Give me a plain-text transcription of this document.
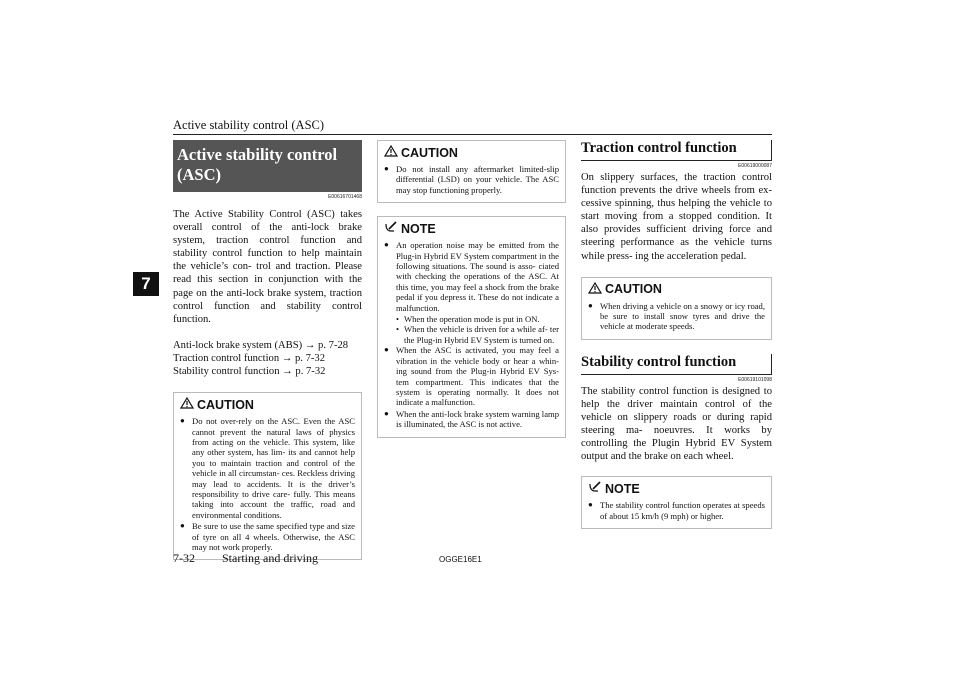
Active stability control (ASC)
7
Active stability control (ASC)
E00616701468
The Active Stability Control (ASC) takes overall control of the anti-lock brake system, traction control function and stability control function to help maintain the vehicle’s con- trol and traction. Please read this section in conjunction with the page on the anti-lock brake system, traction control function and stability control function.
Anti-lock brake system (ABS) → p. 7-28
Traction control function → p. 7-32
Stability control function → p. 7-32
CAUTION
● Do not over-rely on the ASC. Even the ASC cannot prevent the natural laws of physics from acting on the vehicle. This system, like any other system, has lim- its and cannot help you to maintain traction and control of the vehicle in all circumstan- ces. Reckless driving may lead to accidents. It is the driver’s responsibility to drive care- fully. This means taking into account the traffic, road and environmental conditions.
● Be sure to use the same specified type and size of tyre on all 4 wheels. Otherwise, the ASC may not work properly.
CAUTION
● Do not install any aftermarket limited-slip differential (LSD) on your vehicle. The ASC may stop functioning properly.
NOTE
● An operation noise may be emitted from the Plug-in Hybrid EV System compartment in the following situations. The sound is asso- ciated with checking the operations of the ASC. At this time, you may feel a shock from the brake pedal if you depress it. These do not indicate a malfunction.
• When the operation mode is put in ON.
• When the vehicle is driven for a while af- ter the Plug-in Hybrid EV System is turned on.
● When the ASC is activated, you may feel a vibration in the vehicle body or hear a whin- ing sound from the Plug-in Hybrid EV Sys- tem compartment. This indicates that the system is operating normally. It does not indicate a malfunction.
● When the anti-lock brake system warning lamp is illuminated, the ASC is not active.
Traction control function
E00619000087
On slippery surfaces, the traction control function prevents the drive wheels from ex- cessive spinning, thus helping the vehicle to start moving from a stopped condition. It also provides sufficient driving force and steering performance as the vehicle turns while press- ing the acceleration pedal.
CAUTION
● When driving a vehicle on a snowy or icy road, be sure to install snow tyres and drive the vehicle at moderate speeds.
Stability control function
E00619101098
The stability control function is designed to help the driver maintain control of the vehicle on slippery roads or during rapid steering ma- noeuvres. It works by controlling the Plugin Hybrid EV System output and the brake on each wheel.
NOTE
● The stability control function operates at speeds of about 15 km/h (9 mph) or higher.
7-32 Starting and driving	OGGE16E1
